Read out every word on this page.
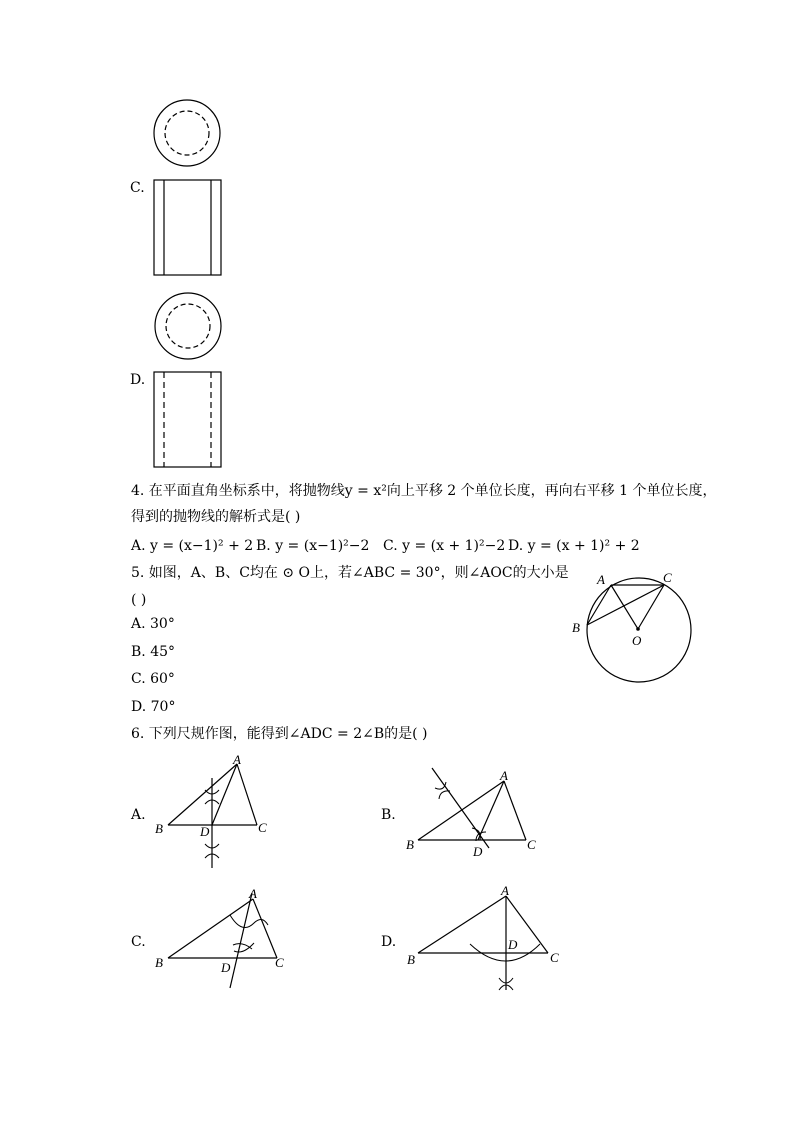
C.
D.
4. 在平面直角坐标系中，将抛物线y = x²向上平移 2 个单位长度，再向右平移 1 个单位长度，
得到的抛物线的解析式是( )
A. y = (x−1)² + 2 B. y = (x−1)²−2 C. y = (x + 1)²−2 D. y = (x + 1)² + 2
5. 如图，A、B、C均在 ⊙ O上，若∠ABC = 30°，则∠AOC的大小是
( )
A. 30°
B. 45°
C. 60°
D. 70°
A
B
C
O
6. 下列尺规作图，能得到∠ADC = 2∠B的是( )
A.
A
B	C
D
B.
A
B	C
D
C.
A
B	C
D
D.
A
B	C
D
